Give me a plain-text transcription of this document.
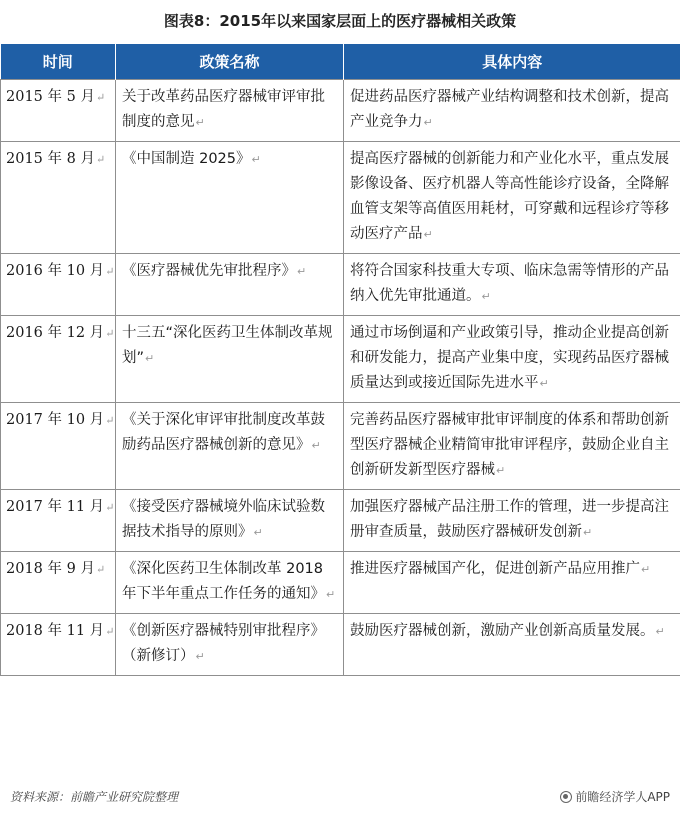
图表8：2015年以来国家层面上的医疗器械相关政策
时间	政策名称	具体内容
2015 年 5 月↵	关于改革药品医疗器械审评审批制度的意见↵	促进药品医疗器械产业结构调整和技术创新，提高产业竞争力↵
2015 年 8 月↵	《中国制造 2025》↵	提高医疗器械的创新能力和产业化水平，重点发展影像设备、医疗机器人等高性能诊疗设备，全降解血管支架等高值医用耗材，可穿戴和远程诊疗等移动医疗产品↵
2016 年 10 月↵	《医疗器械优先审批程序》↵	将符合国家科技重大专项、临床急需等情形的产品纳入优先审批通道。↵
2016 年 12 月↵	十三五“深化医药卫生体制改革规划”↵	通过市场倒逼和产业政策引导，推动企业提高创新和研发能力，提高产业集中度，实现药品医疗器械质量达到或接近国际先进水平↵
2017 年 10 月↵	《关于深化审评审批制度改革鼓励药品医疗器械创新的意见》↵	完善药品医疗器械审批审评制度的体系和帮助创新型医疗器械企业精简审批审评程序，鼓励企业自主创新研发新型医疗器械↵
2017 年 11 月↵	《接受医疗器械境外临床试验数据技术指导的原则》↵	加强医疗器械产品注册工作的管理，进一步提高注册审查质量，鼓励医疗器械研发创新↵
2018 年 9 月↵	《深化医药卫生体制改革 2018 年下半年重点工作任务的通知》↵	推进医疗器械国产化，促进创新产品应用推广↵
2018 年 11 月↵	《创新医疗器械特别审批程序》（新修订）↵	鼓励医疗器械创新，激励产业创新高质量发展。↵
资料来源：前瞻产业研究院整理	前瞻经济学人APP
